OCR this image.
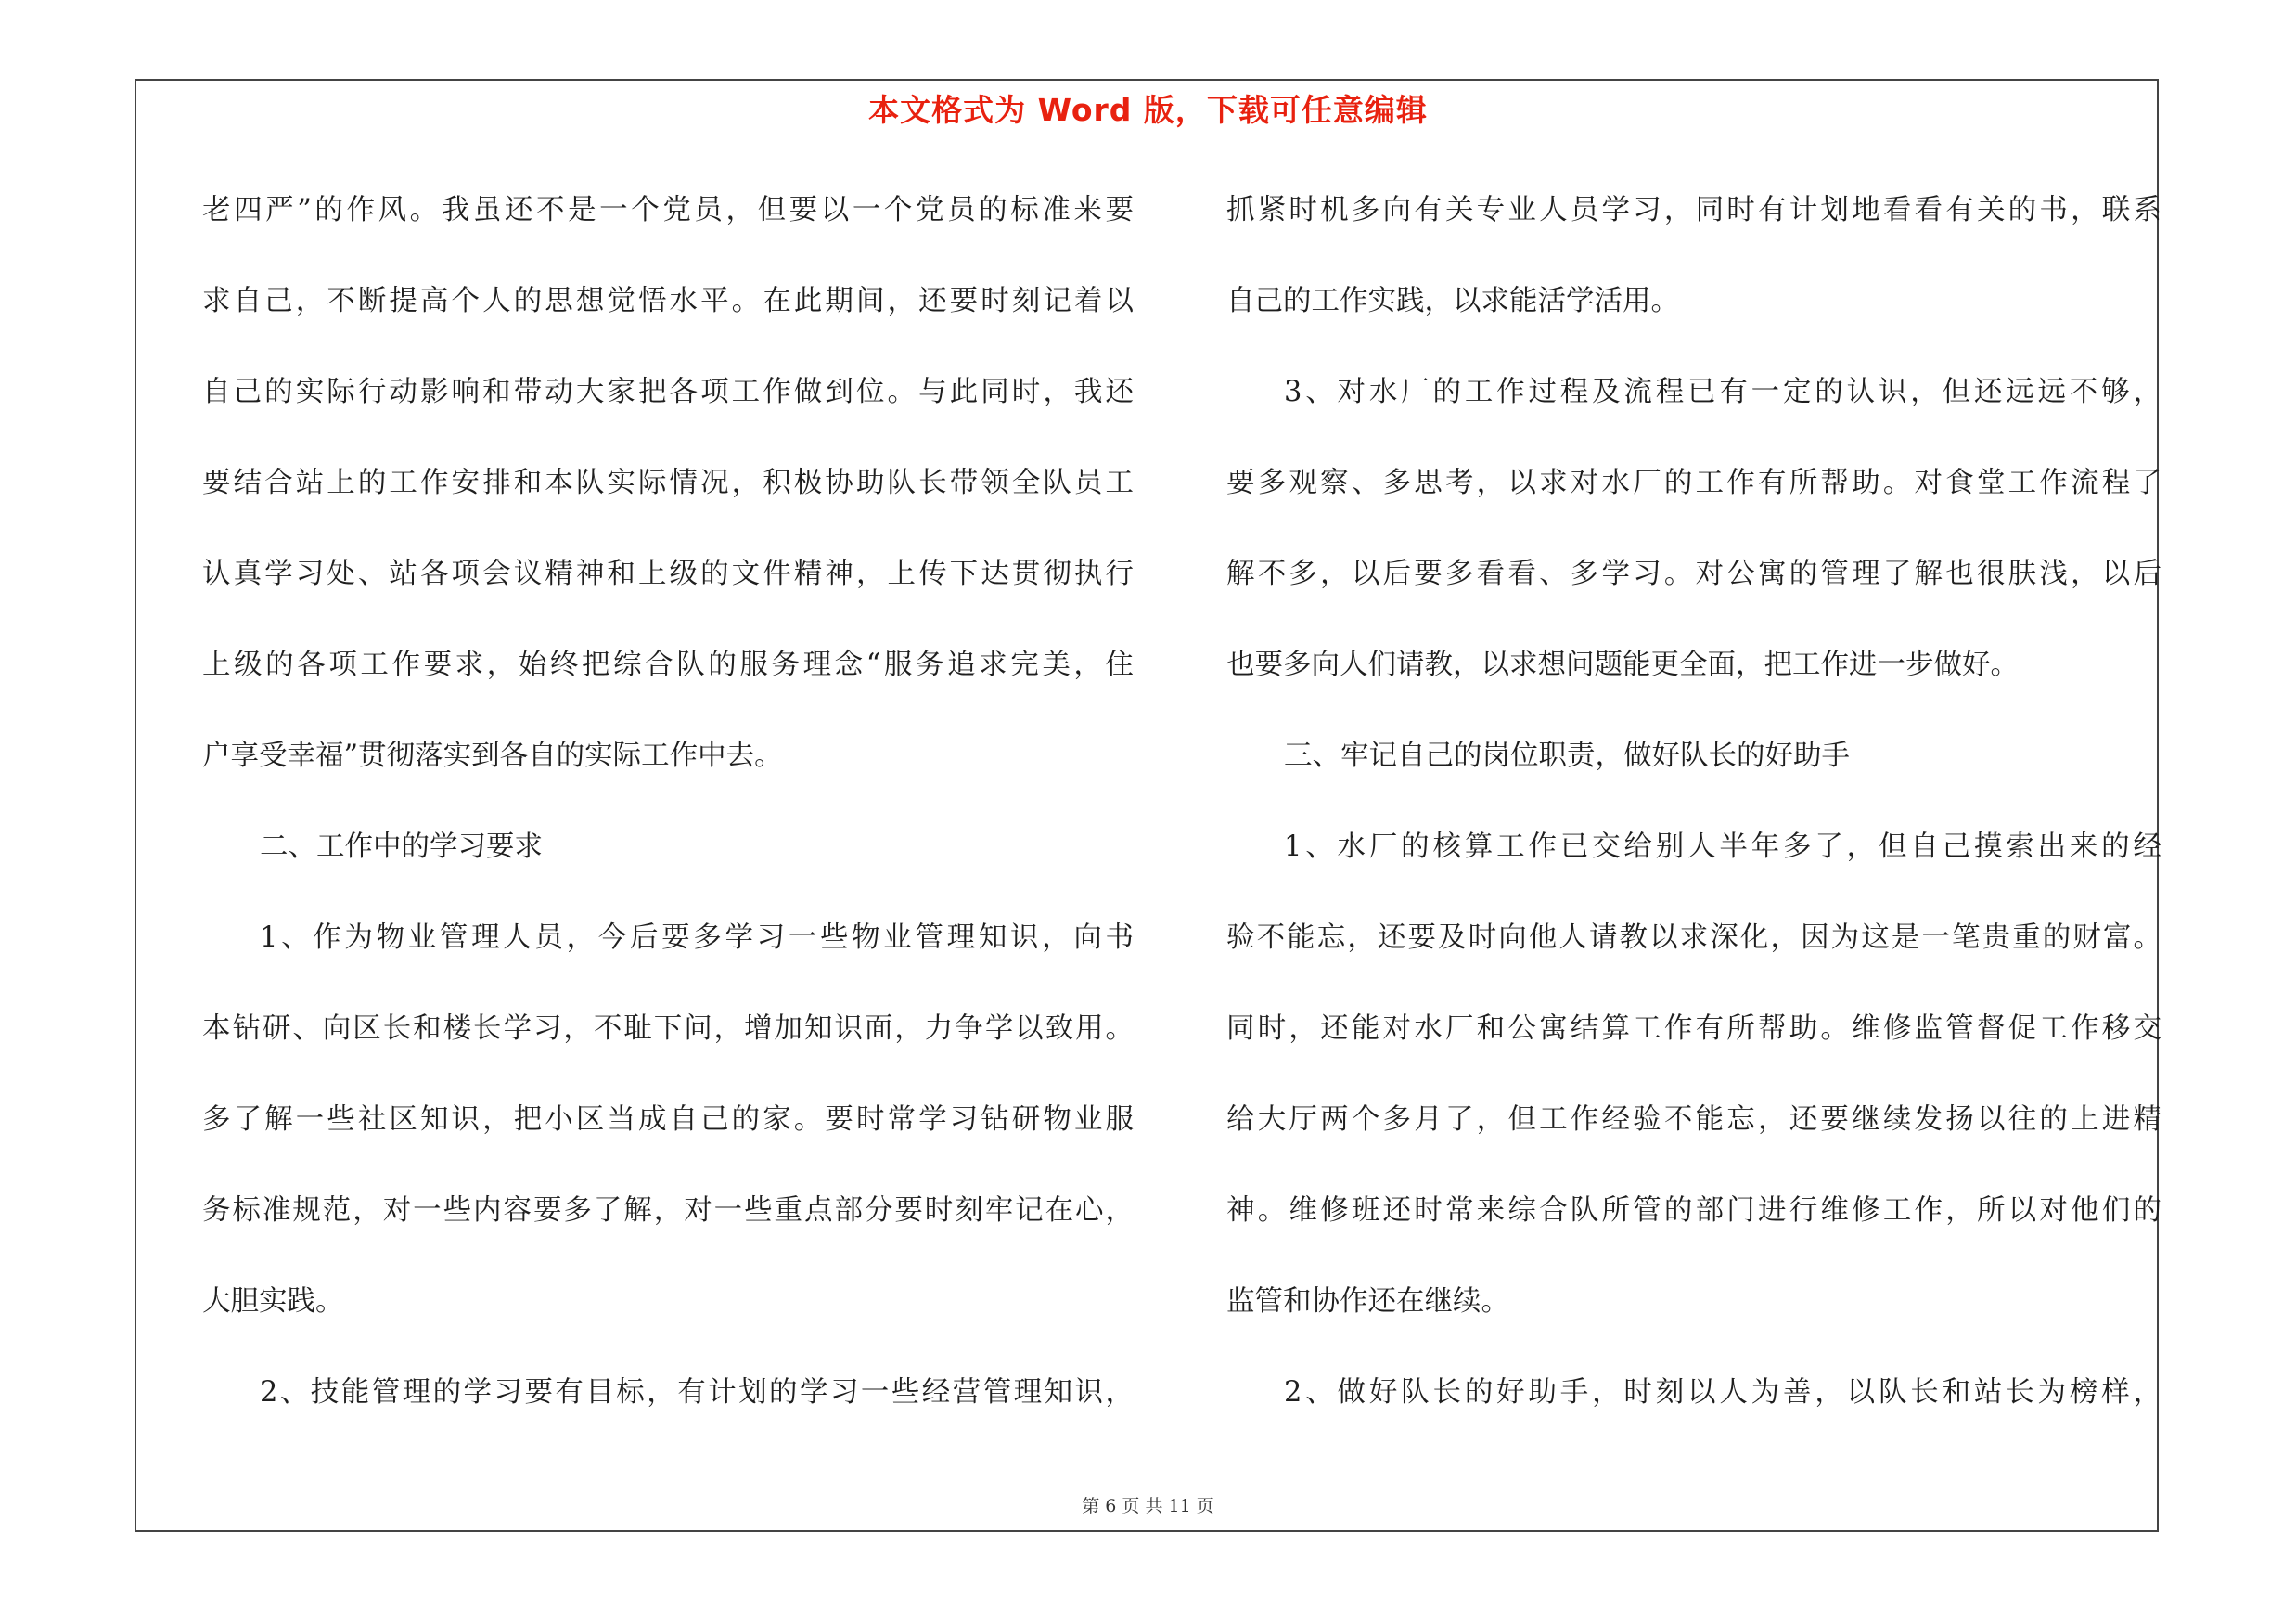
本文格式为 Word 版，下载可任意编辑
老四严”的作风。我虽还不是一个党员，但要以一个党员的标准来要
求自己，不断提高个人的思想觉悟水平。在此期间，还要时刻记着以
自己的实际行动影响和带动大家把各项工作做到位。与此同时，我还
要结合站上的工作安排和本队实际情况，积极协助队长带领全队员工
认真学习处、站各项会议精神和上级的文件精神，上传下达贯彻执行
上级的各项工作要求，始终把综合队的服务理念“服务追求完美，住
户享受幸福”贯彻落实到各自的实际工作中去。
二、工作中的学习要求
1、作为物业管理人员，今后要多学习一些物业管理知识，向书
本钻研、向区长和楼长学习，不耻下问，增加知识面，力争学以致用。
多了解一些社区知识，把小区当成自己的家。要时常学习钻研物业服
务标准规范，对一些内容要多了解，对一些重点部分要时刻牢记在心，
大胆实践。
2、技能管理的学习要有目标，有计划的学习一些经营管理知识，
抓紧时机多向有关专业人员学习，同时有计划地看看有关的书，联系
自己的工作实践，以求能活学活用。
3、对水厂的工作过程及流程已有一定的认识，但还远远不够，
要多观察、多思考，以求对水厂的工作有所帮助。对食堂工作流程了
解不多，以后要多看看、多学习。对公寓的管理了解也很肤浅，以后
也要多向人们请教，以求想问题能更全面，把工作进一步做好。
三、牢记自己的岗位职责，做好队长的好助手
1、水厂的核算工作已交给别人半年多了，但自己摸索出来的经
验不能忘，还要及时向他人请教以求深化，因为这是一笔贵重的财富。
同时，还能对水厂和公寓结算工作有所帮助。维修监管督促工作移交
给大厅两个多月了，但工作经验不能忘，还要继续发扬以往的上进精
神。维修班还时常来综合队所管的部门进行维修工作，所以对他们的
监管和协作还在继续。
2、做好队长的好助手，时刻以人为善，以队长和站长为榜样，
第 6 页 共 11 页
